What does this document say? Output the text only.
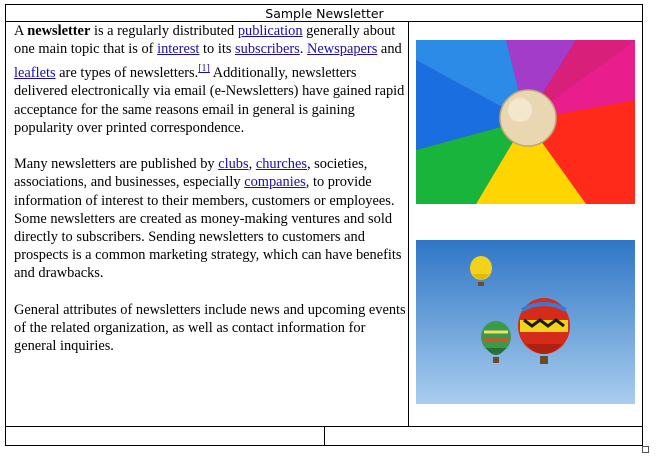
Sample Newsletter

A newsletter is a regularly distributed publication generally about one main topic that is of interest to its subscribers. Newspapers and leaflets are types of newsletters.[1] Additionally, newsletters delivered electronically via email (e-Newsletters) have gained rapid acceptance for the same reasons email in general is gaining popularity over printed correspondence.

Many newsletters are published by clubs, churches, societies, associations, and businesses, especially companies, to provide information of interest to their members, customers or employees. Some newsletters are created as money-making ventures and sold directly to subscribers. Sending newsletters to customers and prospects is a common marketing strategy, which can have benefits and drawbacks.

General attributes of newsletters include news and upcoming events of the related organization, as well as contact information for general inquiries.
